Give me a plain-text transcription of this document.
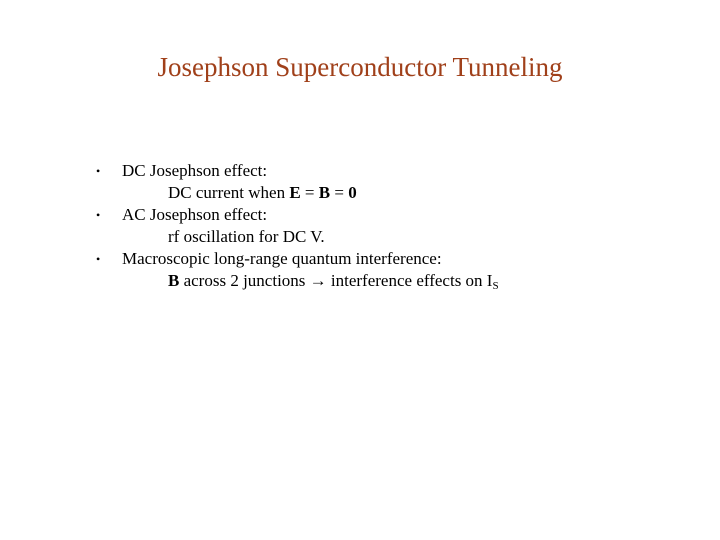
Josephson Superconductor Tunneling
•	DC Josephson effect:
DC current when E = B = 0
•	AC Josephson effect:
rf oscillation for DC V.
•	Macroscopic long-range quantum interference:
B across 2 junctions → interference effects on $I_S$
